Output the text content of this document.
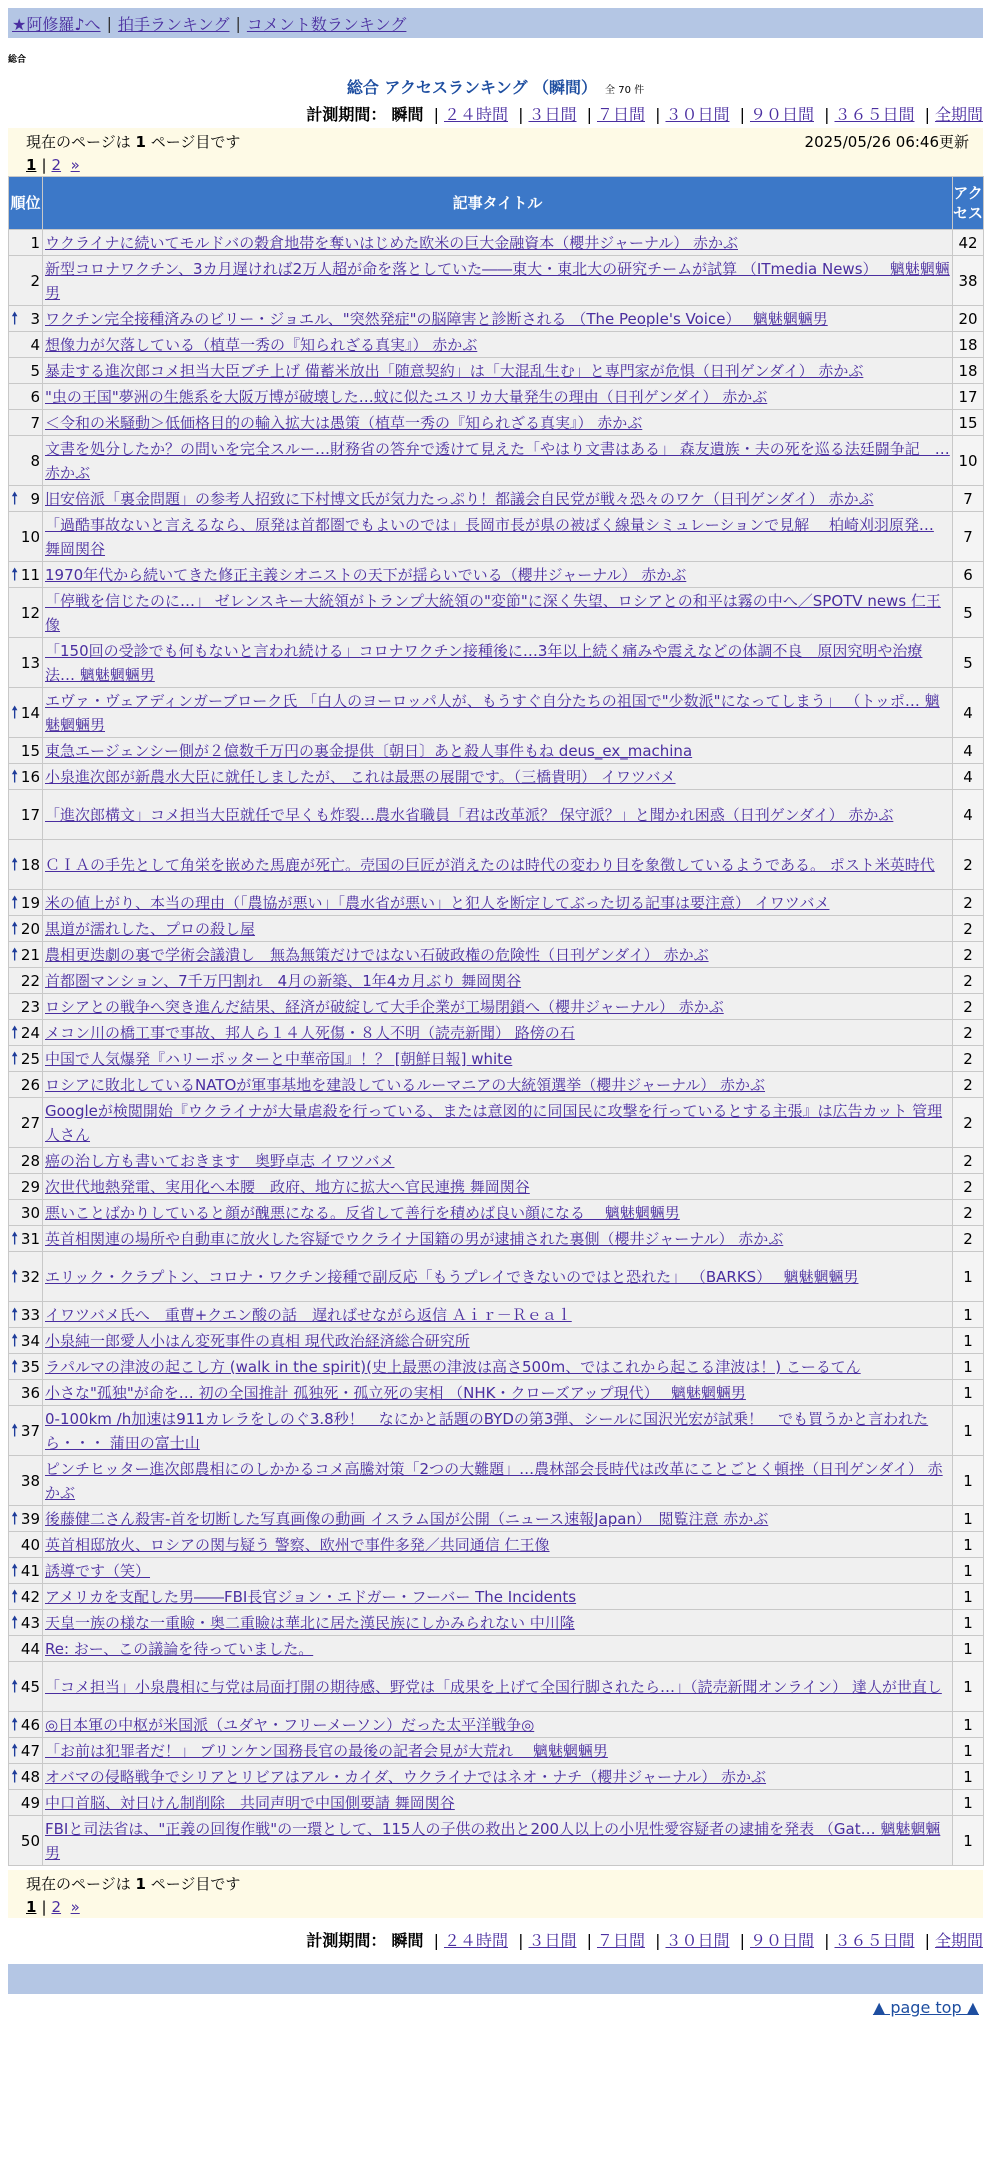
★阿修羅♪へ | 拍手ランキング | コメント数ランキング
総合
総合 アクセスランキング （瞬間） 全 70 件
計測期間： 瞬間 | ２４時間 | ３日間 | ７日間 | ３０日間 | ９０日間 | ３６５日間 | 全期間
現在のページは 1 ページ目です	2025/05/26 06:46更新
1 | 2 »
順位	記事タイトル	アクセス
1	ウクライナに続いてモルドバの穀倉地帯を奪いはじめた欧米の巨大金融資本（櫻井ジャーナル） 赤かぶ	42
2	新型コロナワクチン、3カ月遅ければ2万人超が命を落としていた――東大・東北大の研究チームが試算 （ITmedia News）　 魑魅魍魎男	38

🠕 3	ワクチン完全接種済みのビリー・ジョエル、"突然発症"の脳障害と診断される （The People's Voice）　 魑魅魍魎男	20
4	想像力が欠落している（植草一秀の『知られざる真実』） 赤かぶ	18
5	暴走する進次郎コメ担当大臣ブチ上げ 備蓄米放出「随意契約」は「大混乱生む」と専門家が危惧（日刊ゲンダイ） 赤かぶ	18
6	"虫の王国"夢洲の生態系を大阪万博が破壊した…蚊に似たユスリカ大量発生の理由（日刊ゲンダイ） 赤かぶ	17
7	＜令和の米騒動＞低価格目的の輸入拡大は愚策（植草一秀の『知られざる真実』） 赤かぶ	15
8	文書を処分したか？の問いを完全スルー…財務省の答弁で透けて見えた「やはり文書はある」 森友遺族・夫の死を巡る法廷闘争記　… 赤かぶ	10

🠕 9	旧安倍派「裏金問題」の参考人招致に下村博文氏が気力たっぷり！都議会自民党が戦々恐々のワケ（日刊ゲンダイ） 赤かぶ	7
10	「過酷事故ないと言えるなら、原発は首都圏でもよいのでは」長岡市長が県の被ばく線量シミュレーションで見解　 柏崎刈羽原発… 舞岡関谷	7

🠕 11	1970年代から続いてきた修正主義シオニストの天下が揺らいでいる（櫻井ジャーナル） 赤かぶ	6
12	「停戦を信じたのに…」 ゼレンスキー大統領がトランプ大統領の"変節"に深く失望、ロシアとの和平は霧の中へ／SPOTV news 仁王像	5
13	「150回の受診でも何もないと言われ続ける」コロナワクチン接種後に…3年以上続く痛みや震えなどの体調不良　原因究明や治療法… 魑魅魍魎男	5

🠕 14	エヴァ・ヴェアディンガーブローク氏 「白人のヨーロッパ人が、もうすぐ自分たちの祖国で"少数派"になってしまう」 （トッポ… 魑魅魍魎男	4
15	東急エージェンシー側が２億数千万円の裏金提供〔朝日〕あと殺人事件もね deus_ex_machina	4

🠕 16	小泉進次郎が新農水大臣に就任しましたが、 これは最悪の展開です。（三橋貴明） イワツバメ	4
17	「進次郎構文」コメ担当大臣就任で早くも炸裂…農水省職員「君は改革派？ 保守派？」と聞かれ困惑（日刊ゲンダイ） 赤かぶ	4

🠕 18	ＣＩＡの手先として角栄を嵌めた馬鹿が死亡。売国の巨匠が消えたのは時代の変わり目を象徴しているようである。 ポスト米英時代	2

🠕 19	米の値上がり、本当の理由（「農協が悪い」「農水省が悪い」と犯人を断定してぶった切る記事は要注意） イワツバメ	2

🠕 20	黒道が濡れした、プロの殺し屋	2

🠕 21	農相更迭劇の裏で学術会議潰し　無為無策だけではない石破政権の危険性（日刊ゲンダイ） 赤かぶ	2
22	首都圏マンション、7千万円割れ　4月の新築、1年4カ月ぶり 舞岡関谷	2
23	ロシアとの戦争へ突き進んだ結果、経済が破綻して大手企業が工場閉鎖へ（櫻井ジャーナル） 赤かぶ	2

🠕 24	メコン川の橋工事で事故、邦人ら１４人死傷・８人不明（読売新聞） 路傍の石	2

🠕 25	中国で人気爆発『ハリーポッターと中華帝国』！？ [朝鮮日報] white	2
26	ロシアに敗北しているNATOが軍事基地を建設しているルーマニアの大統領選挙（櫻井ジャーナル） 赤かぶ	2
27	Googleが検閲開始『ウクライナが大量虐殺を行っている、または意図的に同国民に攻撃を行っているとする主張』は広告カット 管理人さん	2
28	癌の治し方も書いておきます　奥野卓志 イワツバメ	2
29	次世代地熱発電、実用化へ本腰　政府、地方に拡大へ官民連携 舞岡関谷	2
30	悪いことばかりしていると顔が醜悪になる。反省して善行を積めば良い顔になる　 魑魅魍魎男	2

🠕 31	英首相関連の場所や自動車に放火した容疑でウクライナ国籍の男が逮捕された裏側（櫻井ジャーナル） 赤かぶ	2

🠕 32	エリック・クラプトン、コロナ・ワクチン接種で副反応「もうプレイできないのではと恐れた」 （BARKS）　 魑魅魍魎男	1

🠕 33	イワツバメ氏へ　重曹+クエン酸の話　遅ればせながら返信 Ａｉｒ－Ｒｅａｌ	1

🠕 34	小泉純一郎愛人小はん変死事件の真相 現代政治経済総合研究所	1

🠕 35	ラパルマの津波の起こし方 (walk in the spirit)(史上最悪の津波は高さ500m、ではこれから起こる津波は！) こーるてん	1
36	小さな"孤独"が命を… 初の全国推計 孤独死・孤立死の実相 （NHK・クローズアップ現代）　 魑魅魍魎男	1

🠕 37	0-100km /h加速は911カレラをしのぐ3.8秒！　なにかと話題のBYDの第3弾、シールに国沢光宏が試乗！　でも買うかと言われたら・・・ 蒲田の富士山	1
38	ピンチヒッター進次郎農相にのしかかるコメ高騰対策「2つの大難題」…農林部会長時代は改革にことごとく頓挫（日刊ゲンダイ） 赤かぶ	1

🠕 39	後藤健二さん殺害-首を切断した写真画像の動画 イスラム国が公開（ニュース速報Japan）　閲覧注意 赤かぶ	1
40	英首相邸放火、ロシアの関与疑う 警察、欧州で事件多発／共同通信 仁王像	1

🠕 41	誘導です（笑）	1

🠕 42	アメリカを支配した男――FBI長官ジョン・エドガー・フーバー The Incidents	1

🠕 43	天皇一族の様な一重瞼・奥二重瞼は華北に居た漢民族にしかみられない 中川隆	1
44	Re: おー、この議論を待っていました。	1

🠕 45	「コメ担当」小泉農相に与党は局面打開の期待感、野党は「成果を上げて全国行脚されたら…」（読売新聞オンライン） 達人が世直し	1

🠕 46	◎日本軍の中枢が米国派（ユダヤ・フリーメーソン）だった太平洋戦争◎	1

🠕 47	「お前は犯罪者だ！」 ブリンケン国務長官の最後の記者会見が大荒れ　 魑魅魍魎男	1

🠕 48	オバマの侵略戦争でシリアとリビアはアル・カイダ、ウクライナではネオ・ナチ（櫻井ジャーナル） 赤かぶ	1
49	中口首脳、対日けん制削除　共同声明で中国側要請 舞岡関谷	1
50	FBIと司法省は、"正義の回復作戦"の一環として、115人の子供の救出と200人以上の小児性愛容疑者の逮捕を発表 （Gat… 魑魅魍魎男	1
現在のページは 1 ページ目です
1 | 2 »
計測期間： 瞬間 | ２４時間 | ３日間 | ７日間 | ３０日間 | ９０日間 | ３６５日間 | 全期間
▲ page top ▲
